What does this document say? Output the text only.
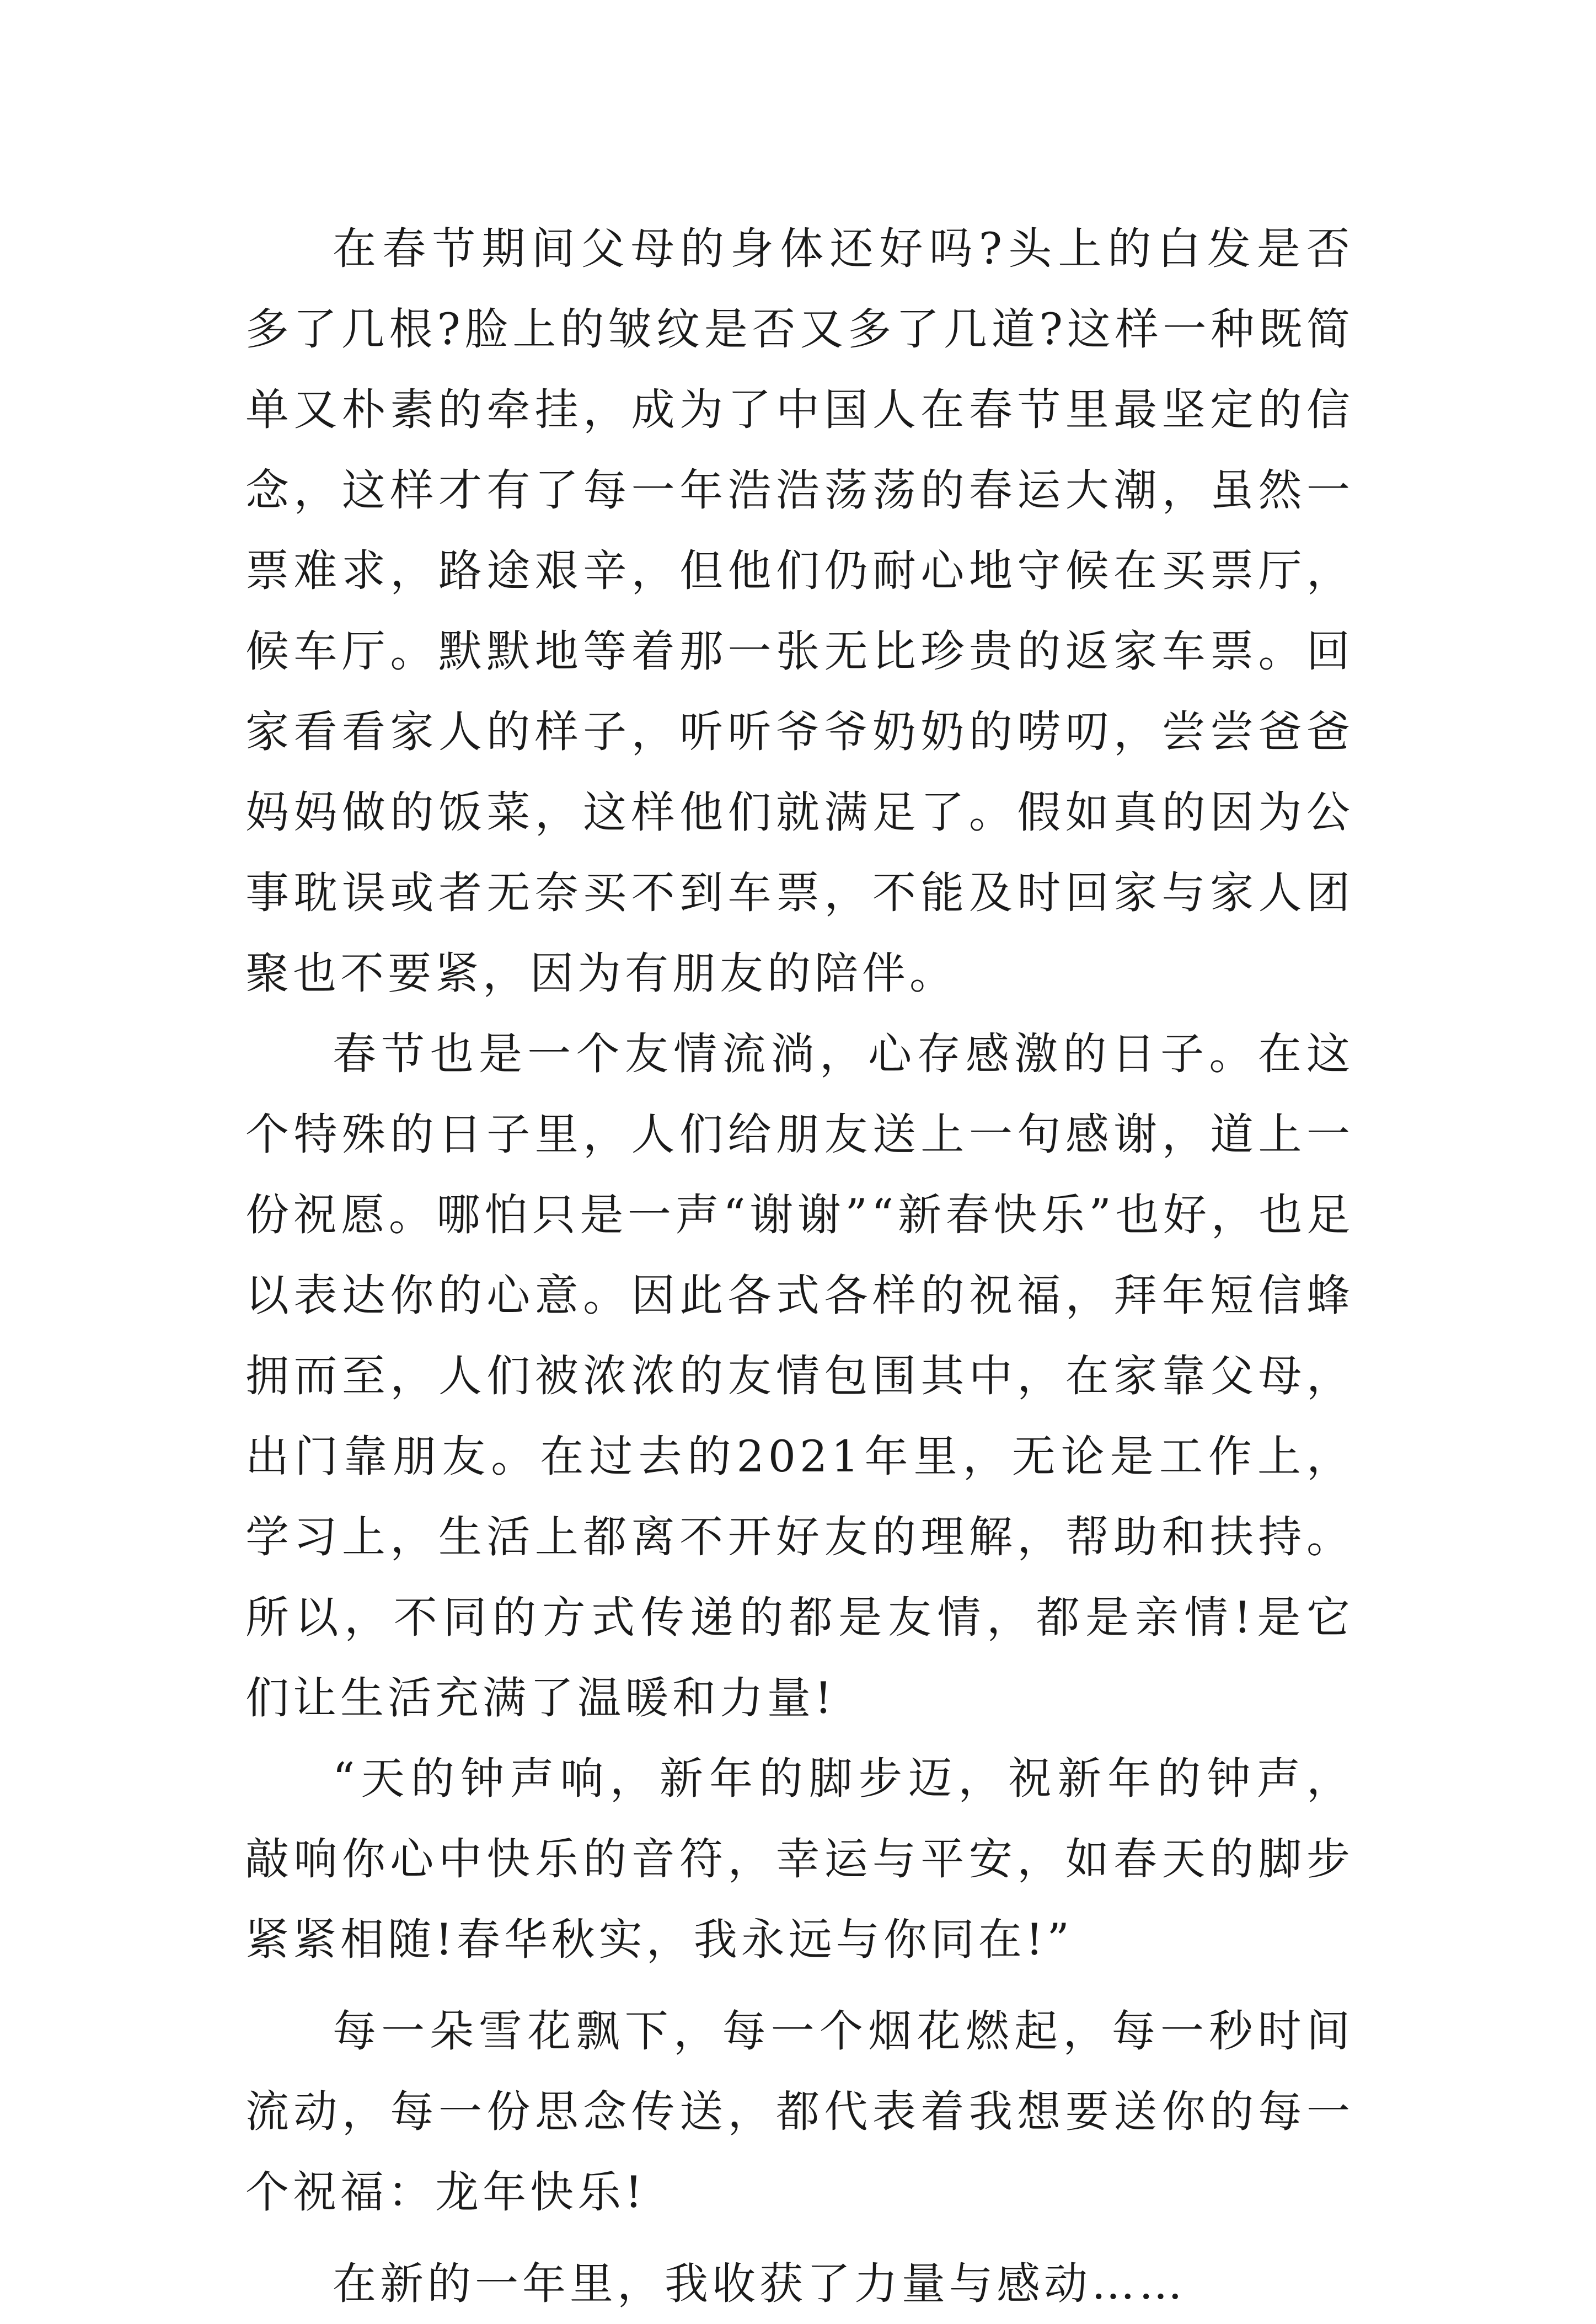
在春节期间父母的身体还好吗?头上的白发是否多了几根?脸上的皱纹是否又多了几道?这样一种既简单又朴素的牵挂，成为了中国人在春节里最坚定的信念，这样才有了每一年浩浩荡荡的春运大潮，虽然一票难求，路途艰辛，但他们仍耐心地守候在买票厅，候车厅。默默地等着那一张无比珍贵的返家车票。回家看看家人的样子，听听爷爷奶奶的唠叨，尝尝爸爸妈妈做的饭菜，这样他们就满足了。假如真的因为公事耽误或者无奈买不到车票，不能及时回家与家人团聚也不要紧，因为有朋友的陪伴。

春节也是一个友情流淌，心存感激的日子。在这个特殊的日子里，人们给朋友送上一句感谢，道上一份祝愿。哪怕只是一声“谢谢”“新春快乐”也好，也足以表达你的心意。因此各式各样的祝福，拜年短信蜂拥而至，人们被浓浓的友情包围其中，在家靠父母，出门靠朋友。在过去的2021年里，无论是工作上，学习上，生活上都离不开好友的理解，帮助和扶持。所以，不同的方式传递的都是友情，都是亲情!是它们让生活充满了温暖和力量!

“天的钟声响，新年的脚步迈，祝新年的钟声，敲响你心中快乐的音符，幸运与平安，如春天的脚步紧紧相随!春华秋实，我永远与你同在!”

每一朵雪花飘下，每一个烟花燃起，每一秒时间流动，每一份思念传送，都代表着我想要送你的每一个祝福：龙年快乐!

在新的一年里，我收获了力量与感动……
